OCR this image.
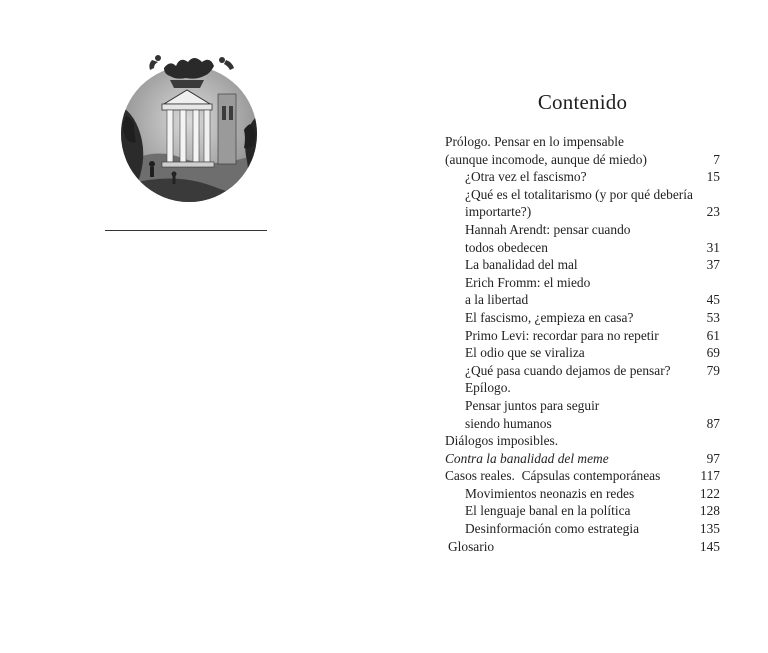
Contenido
Prólogo. Pensar en lo impensable
(aunque incomode, aunque dé miedo)	7
¿Otra vez el fascismo?	15
¿Qué es el totalitarismo (y por qué debería
importarte?)	23
Hannah Arendt: pensar cuando
todos obedecen	31
La banalidad del mal	37
Erich Fromm: el miedo
a la libertad	45
El fascismo, ¿empieza en casa?	53
Primo Levi: recordar para no repetir	61
El odio que se viraliza	69
¿Qué pasa cuando dejamos de pensar?	79
Epílogo.
Pensar juntos para seguir
siendo humanos	87
Diálogos imposibles.
Contra la banalidad del meme	97
Casos reales.  Cápsulas contemporáneas	117
Movimientos neonazis en redes	122
El lenguaje banal en la política	128
Desinformación como estrategia	135
Glosario	145
